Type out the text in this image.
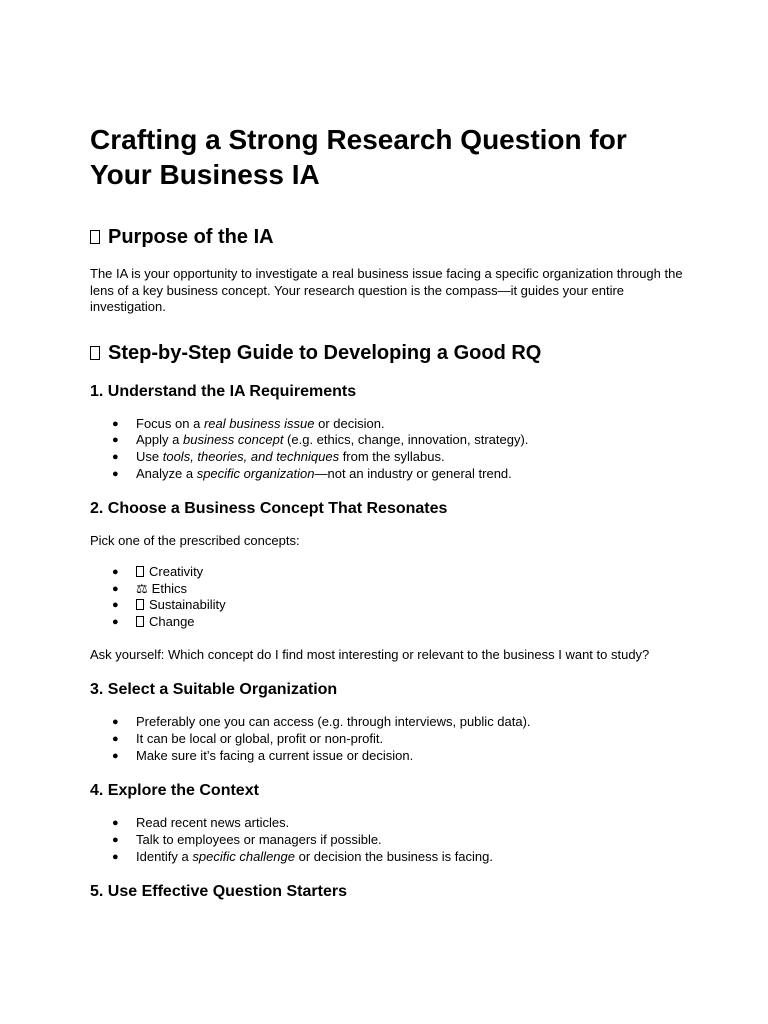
Crafting a Strong Research Question for Your Business IA
Purpose of the IA

The IA is your opportunity to investigate a real business issue facing a specific organization through the lens of a key business concept. Your research question is the compass—it guides your entire investigation.

Step-by-Step Guide to Developing a Good RQ
1. Understand the IA Requirements
● Focus on a real business issue or decision.
● Apply a business concept (e.g. ethics, change, innovation, strategy).
● Use tools, theories, and techniques from the syllabus.
● Analyze a specific organization—not an industry or general trend.
2. Choose a Business Concept That Resonates

Pick one of the prescribed concepts:

● Creativity
● ⚖ Ethics
● Sustainability
● Change

Ask yourself: Which concept do I find most interesting or relevant to the business I want to study?

3. Select a Suitable Organization
● Preferably one you can access (e.g. through interviews, public data).
● It can be local or global, profit or non-profit.
● Make sure it’s facing a current issue or decision.
4. Explore the Context
● Read recent news articles.
● Talk to employees or managers if possible.
● Identify a specific challenge or decision the business is facing.
5. Use Effective Question Starters
